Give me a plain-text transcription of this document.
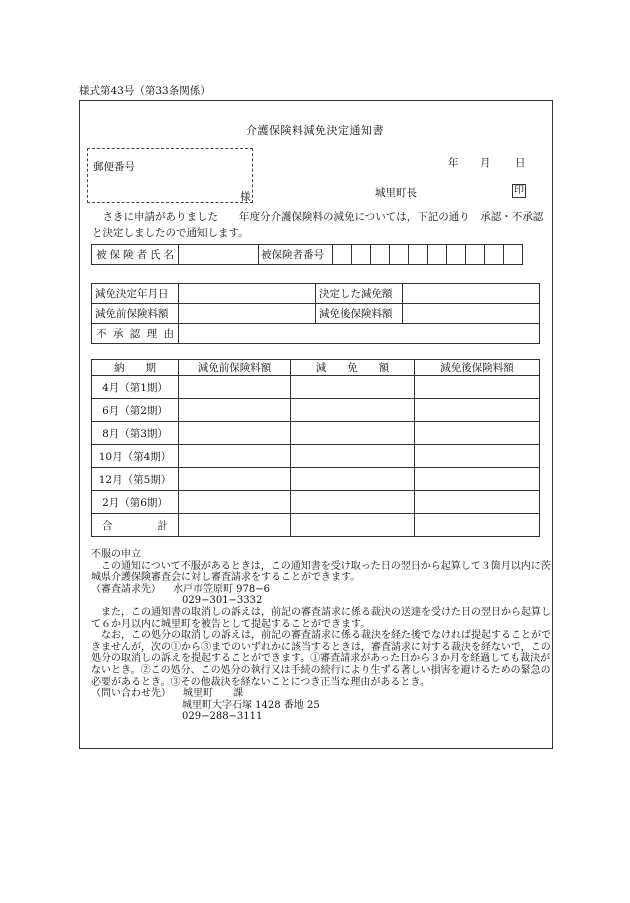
様式第43号（第33条関係）
介護保険料減免決定通知書
郵便番号
様
年 月 日
城里町長	印
さきに申請がありました　　年度分介護保険料の減免については，下記の通り　承認・不承認　と決定しましたので通知します。
被保険者氏名		被保険者番号										
減免決定年月日		決定した減免額	
減免前保険料額		減免後保険料額	
不承認理由			
納　　期	減免前保険料額	減　　免　　額	減免後保険料額
4月（第1期）			
6月（第2期）			
8月（第3期）			
10月（第4期）			
12月（第5期）			
2月（第6期）			
合計			

不服の申立

この通知について不服があるときは，この通知書を受け取った日の翌日から起算して３箇月以内に茨城県介護保険審査会に対し審査請求をすることができます。

（審査請求先） 水戸市笠原町 978−6

029−301−3332

また，この通知書の取消しの訴えは，前記の審査請求に係る裁決の送達を受けた日の翌日から起算して６か月以内に城里町を被告として提起することができます。

なお，この処分の取消しの訴えは，前記の審査請求に係る裁決を経た後でなければ提起することができませんが，次の①から③までのいずれかに該当するときは，審査請求に対する裁決を経ないで，この処分の取消しの訴えを提起することができます。①審査請求があった日から３か月を経過しても裁決がないとき。②この処分、この処分の執行又は手続の続行により生ずる著しい損害を避けるための緊急の必要があるとき。③その他裁決を経ないことにつき正当な理由があるとき。

（問い合わせ先） 城里町　　課

城里町大字石塚 1428 番地 25

029−288−3111
